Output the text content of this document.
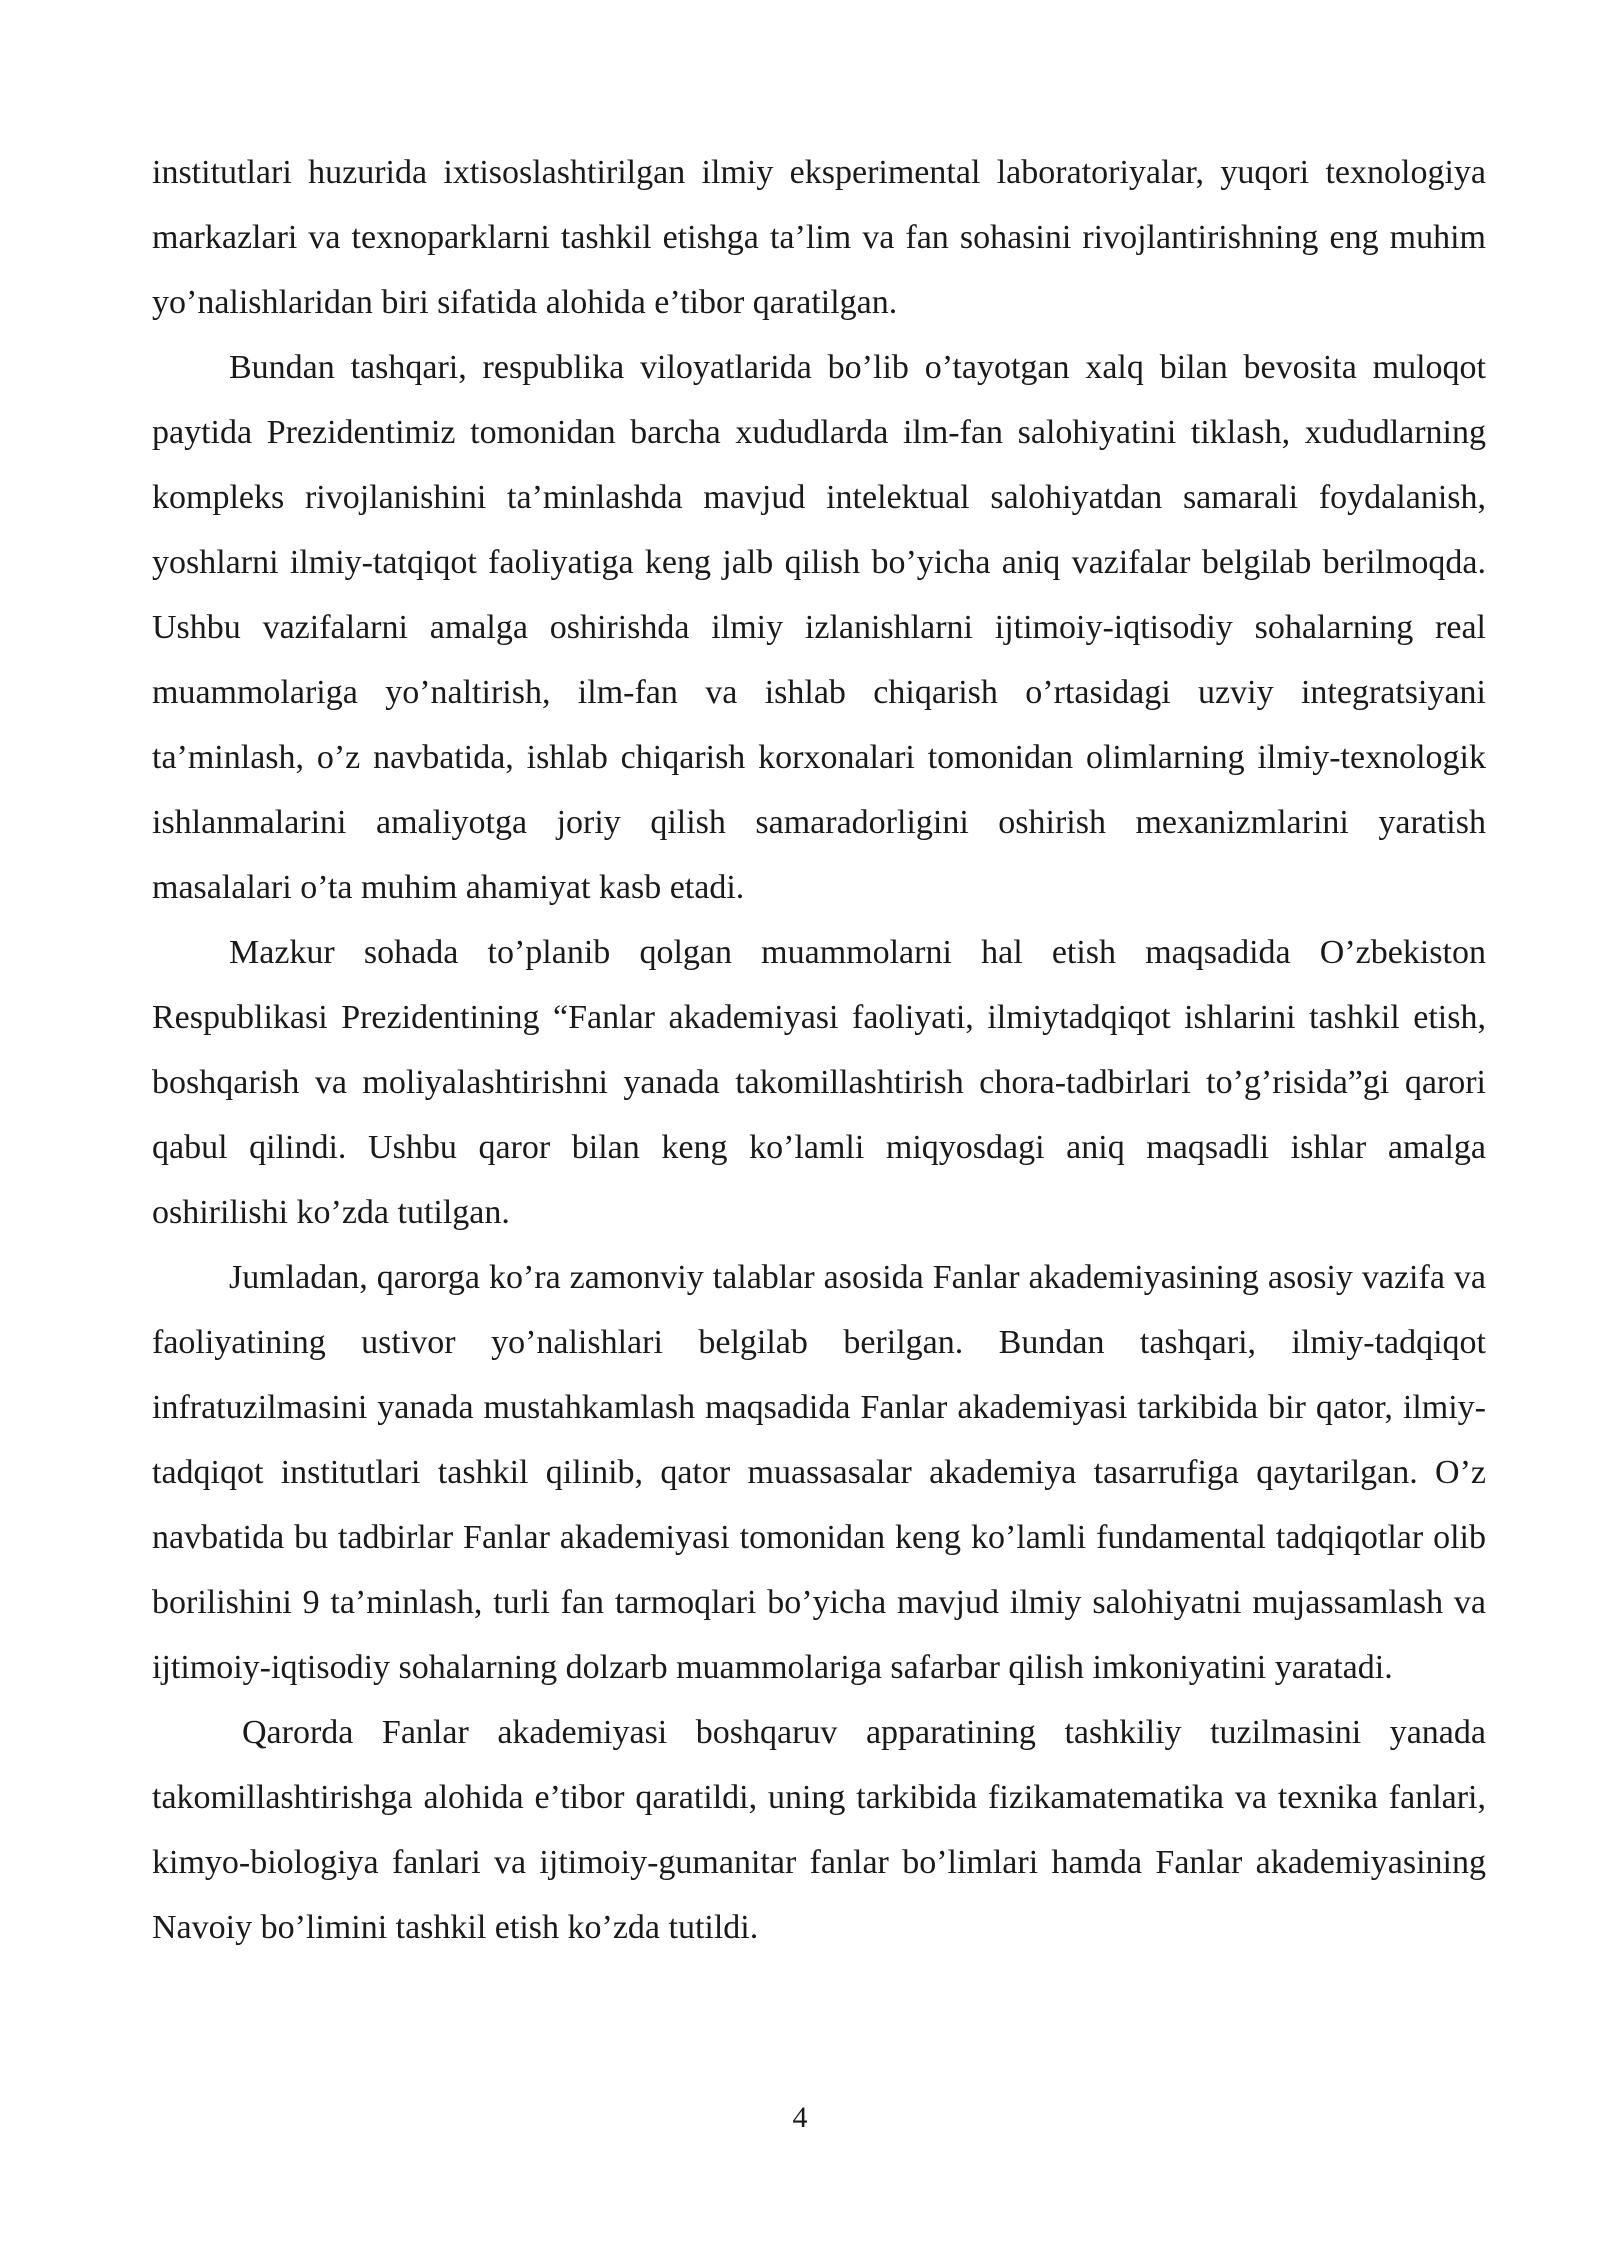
institutlari huzurida ixtisoslashtirilgan ilmiy eksperimental laboratoriyalar, yuqori texnologiya markazlari va texnoparklarni tashkil etishga ta’lim va fan sohasini rivojlantirishning eng muhim yo’nalishlaridan biri sifatida alohida e’tibor qaratilgan.

Bundan tashqari, respublika viloyatlarida bo’lib o’tayotgan xalq bilan bevosita muloqot paytida Prezidentimiz tomonidan barcha xududlarda ilm-fan salohiyatini tiklash, xududlarning kompleks rivojlanishini ta’minlashda mavjud intelektual salohiyatdan samarali foydalanish, yoshlarni ilmiy-tatqiqot faoliyatiga keng jalb qilish bo’yicha aniq vazifalar belgilab berilmoqda. Ushbu vazifalarni amalga oshirishda ilmiy izlanishlarni ijtimoiy-iqtisodiy sohalarning real muammolariga yo’naltirish, ilm-fan va ishlab chiqarish o’rtasidagi uzviy integratsiyani ta’minlash, o’z navbatida, ishlab chiqarish korxonalari tomonidan olimlarning ilmiy-texnologik ishlanmalarini amaliyotga joriy qilish samaradorligini oshirish mexanizmlarini yaratish masalalari o’ta muhim ahamiyat kasb etadi.

Mazkur sohada to’planib qolgan muammolarni hal etish maqsadida O’zbekiston Respublikasi Prezidentining “Fanlar akademiyasi faoliyati, ilmiytadqiqot ishlarini tashkil etish, boshqarish va moliyalashtirishni yanada takomillashtirish chora-tadbirlari to’g’risida”gi qarori qabul qilindi. Ushbu qaror bilan keng ko’lamli miqyosdagi aniq maqsadli ishlar amalga oshirilishi ko’zda tutilgan.

Jumladan, qarorga ko’ra zamonviy talablar asosida Fanlar akademiyasining asosiy vazifa va faoliyatining ustivor yo’nalishlari belgilab berilgan. Bundan tashqari, ilmiy-tadqiqot infratuzilmasini yanada mustahkamlash maqsadida Fanlar akademiyasi tarkibida bir qator, ilmiy-tadqiqot institutlari tashkil qilinib, qator muassasalar akademiya tasarrufiga qaytarilgan. O’z navbatida bu tadbirlar Fanlar akademiyasi tomonidan keng ko’lamli fundamental tadqiqotlar olib borilishini 9 ta’minlash, turli fan tarmoqlari bo’yicha mavjud ilmiy salohiyatni mujassamlash va ijtimoiy-iqtisodiy sohalarning dolzarb muammolariga safarbar qilish imkoniyatini yaratadi.

Qarorda Fanlar akademiyasi boshqaruv apparatining tashkiliy tuzilmasini yanada takomillashtirishga alohida e’tibor qaratildi, uning tarkibida fizikamatematika va texnika fanlari, kimyo-biologiya fanlari va ijtimoiy-gumanitar fanlar bo’limlari hamda Fanlar akademiyasining Navoiy bo’limini tashkil etish ko’zda tutildi.

4
